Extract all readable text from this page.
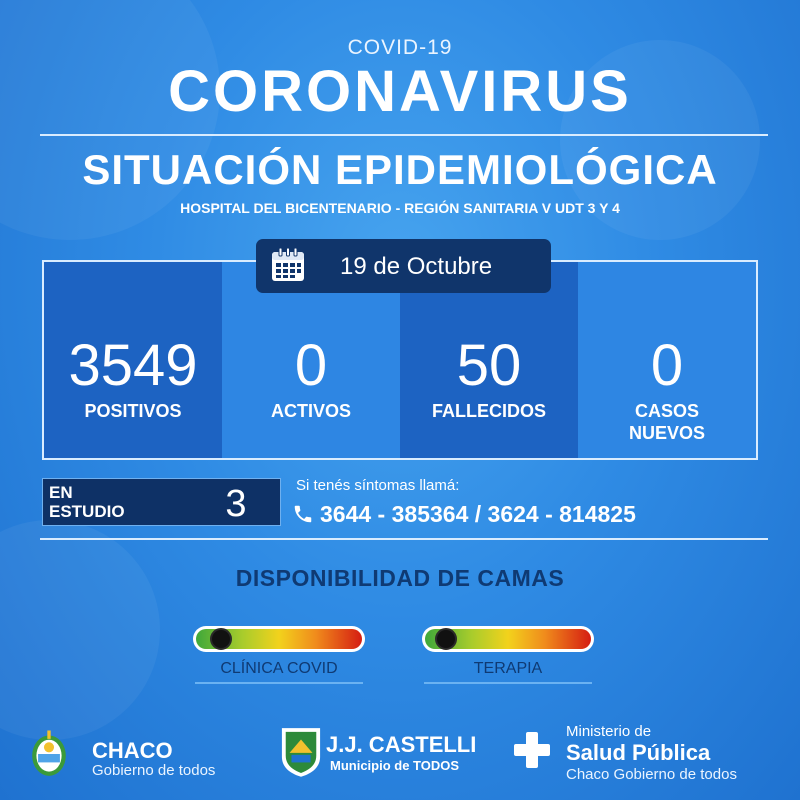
COVID-19
CORONAVIRUS
SITUACIÓN EPIDEMIOLÓGICA
HOSPITAL DEL BICENTENARIO - REGIÓN SANITARIA V UDT 3 Y 4
3549
POSITIVOS
0
ACTIVOS
50
FALLECIDOS
0
CASOS NUEVOS
19 de Octubre
EN ESTUDIO	3	Si tenés síntomas llamá:
3644 - 385364 / 3624 - 814825
DISPONIBILIDAD DE CAMAS
CLÍNICA COVID	TERAPIA
CHACO
Gobierno de todos
J.J. CASTELLI
Municipio de TODOS
Ministerio de
Salud Pública
Chaco Gobierno de todos
